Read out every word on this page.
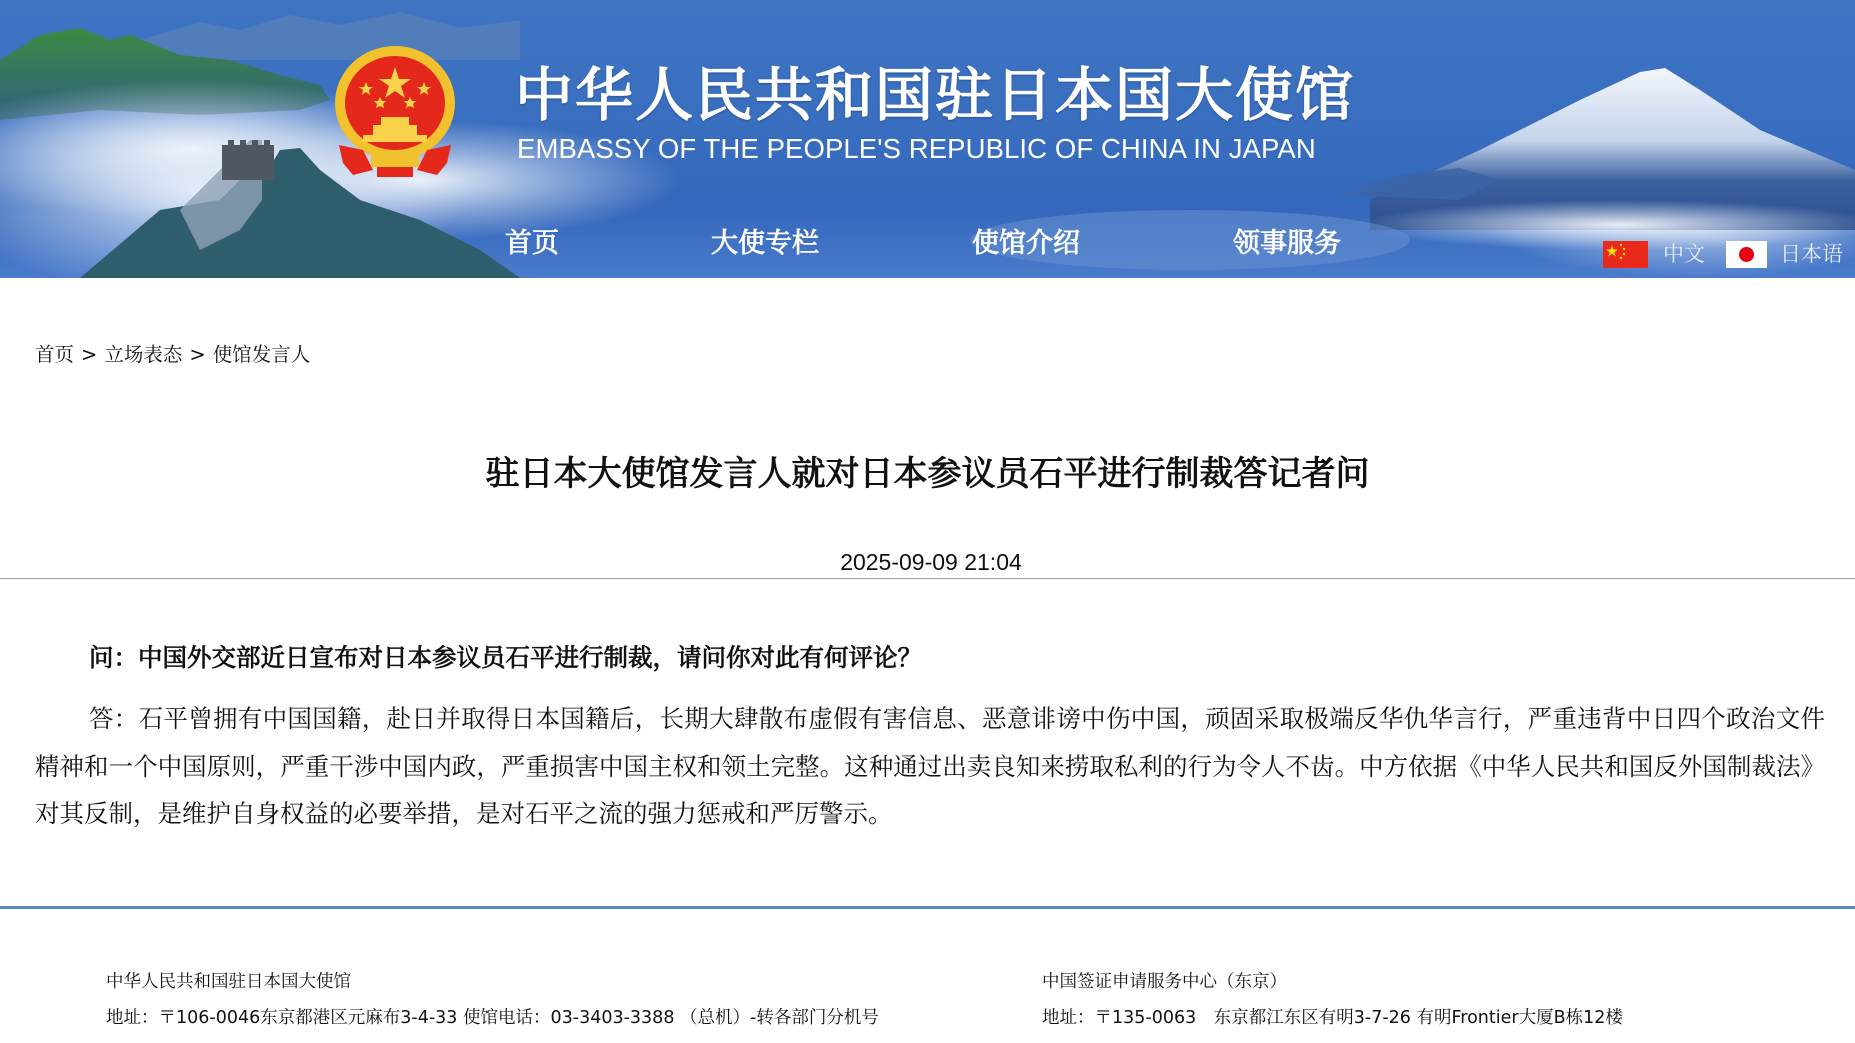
中华人民共和国驻日本国大使馆
EMBASSY OF THE PEOPLE'S REPUBLIC OF CHINA IN JAPAN
首页	大使专栏	使馆介绍	领事服务	中文	日本语
首页 > 立场表态 > 使馆发言人
驻日本大使馆发言人就对日本参议员石平进行制裁答记者问
2025-09-09 21:04

问：中国外交部近日宣布对日本参议员石平进行制裁，请问你对此有何评论？

答：石平曾拥有中国国籍，赴日并取得日本国籍后，长期大肆散布虚假有害信息、恶意诽谤中伤中国，顽固采取极端反华仇华言行，严重违背中日四个政治文件精神和一个中国原则，严重干涉中国内政，严重损害中国主权和领土完整。这种通过出卖良知来捞取私利的行为令人不齿。中方依据《中华人民共和国反外国制裁法》对其反制，是维护自身权益的必要举措，是对石平之流的强力惩戒和严厉警示。

中华人民共和国驻日本国大使馆
地址：〒106-0046东京都港区元麻布3-4-33 使馆电话：03-3403-3388 （总机）-转各部门分机号
中国签证申请服务中心（东京）
地址：〒135-0063　东京都江东区有明3-7-26 有明Frontier大厦B栋12楼
